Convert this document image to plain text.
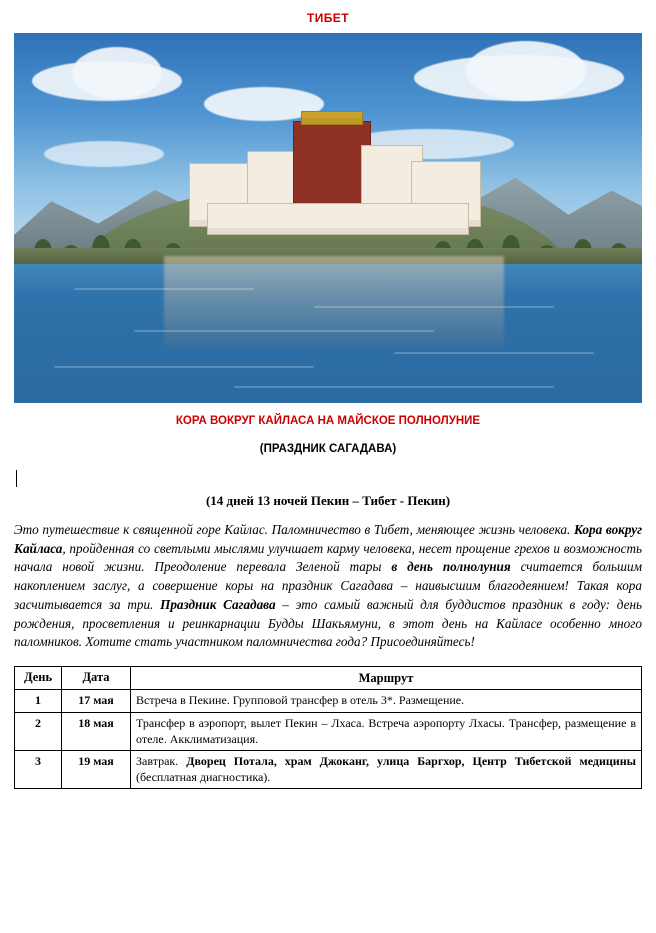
ТИБЕТ
КОРА ВОКРУГ КАЙЛАСА НА МАЙСКОЕ ПОЛНОЛУНИЕ
(ПРАЗДНИК САГАДАВА)
(14 дней 13 ночей Пекин – Тибет - Пекин)

Это путешествие к священной горе Кайлас. Паломничество в Тибет, меняющее жизнь человека. Кора вокруг Кайласа, пройденная со светлыми мыслями улучшает карму человека, несет прощение грехов и возможность начала новой жизни. Преодоление перевала Зеленой тары в день полнолуния считается большим накоплением заслуг, а совершение коры на праздник Сагадава – наивысшим благодеянием! Такая кора засчитывается за три. Праздник Сагадава – это самый важный для буддистов праздник в году: день рождения, просветления и реинкарнации Будды Шакьямуни, в этот день на Кайласе особенно много паломников. Хотите стать участником паломничества года? Присоединяйтесь!

День	Дата	Маршрут
1	17 мая	Встреча в Пекине. Групповой трансфер в отель 3*. Размещение.
2	18 мая	Трансфер в аэропорт, вылет Пекин – Лхаса. Встреча аэропорту Лхасы. Трансфер, размещение в отеле. Акклиматизация.
3	19 мая	Завтрак. Дворец Потала, храм Джоканг, улица Баргхор, Центр Тибетской медицины (бесплатная диагностика).
